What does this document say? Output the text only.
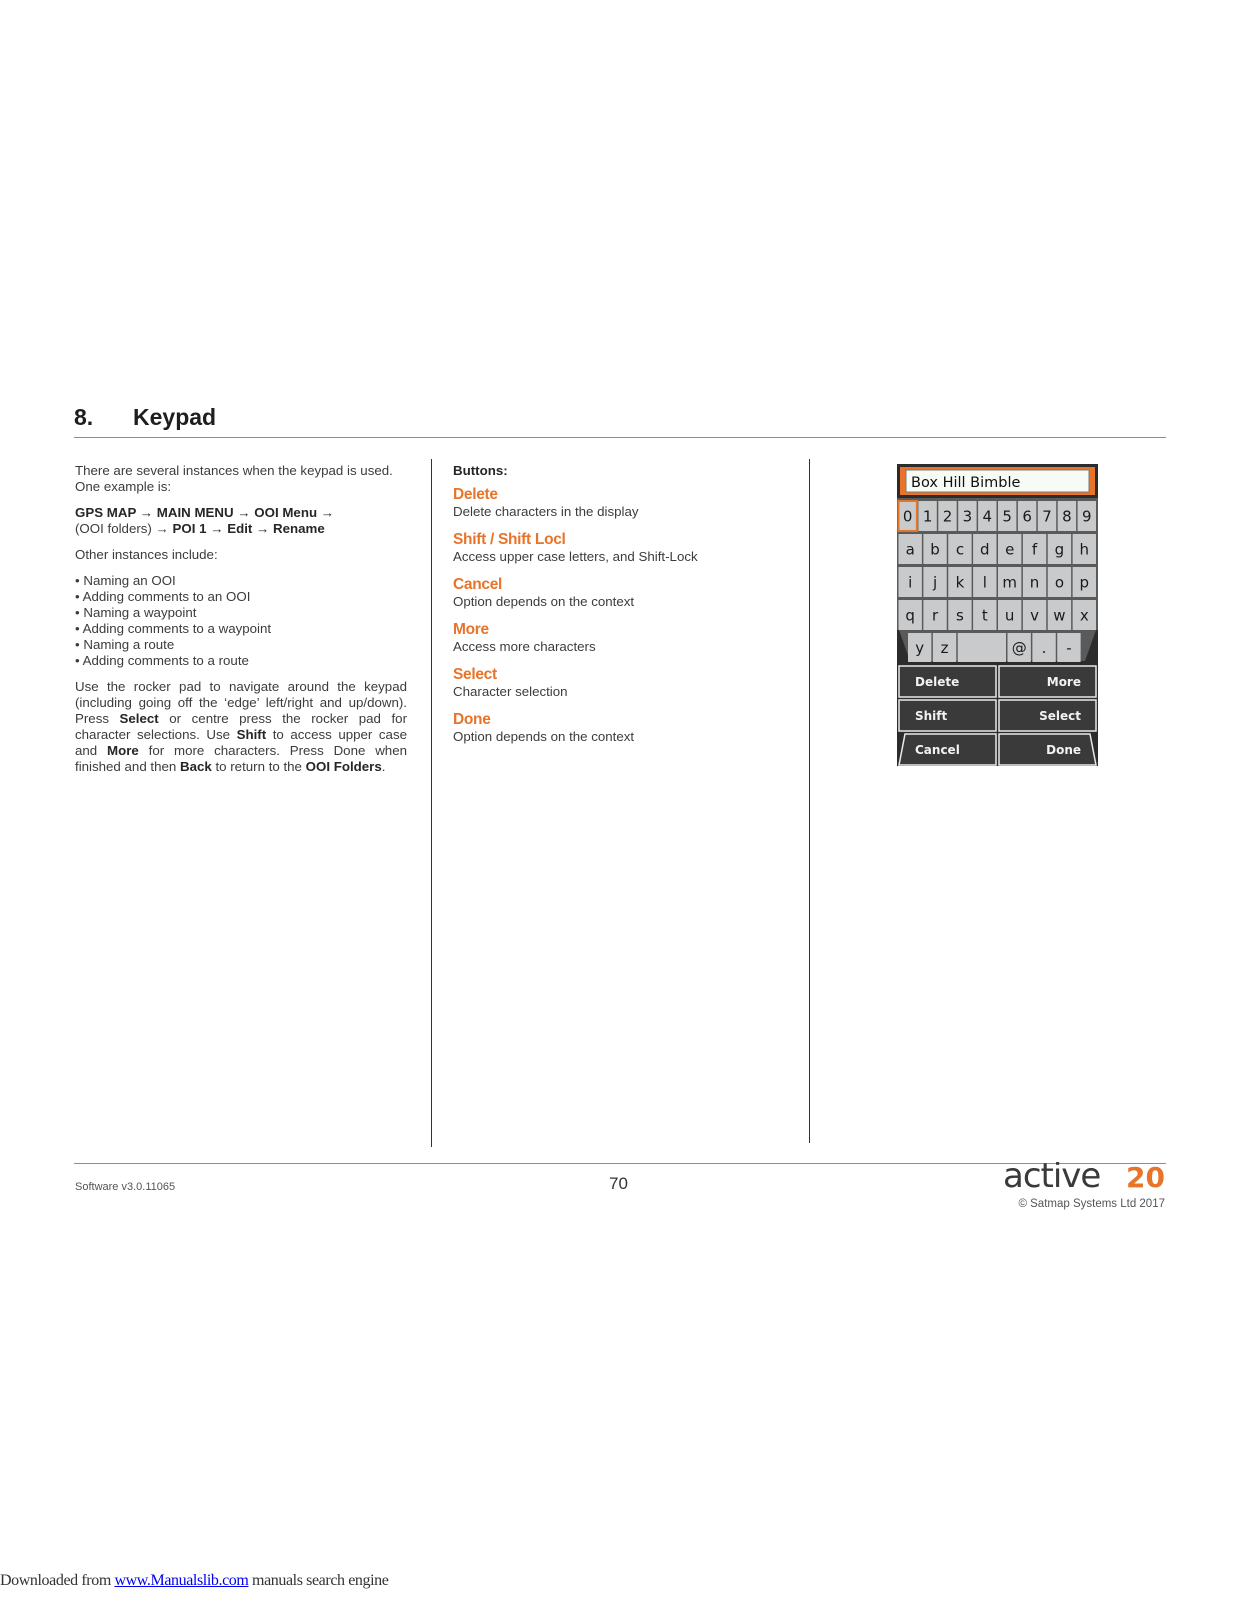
8. Keypad

There are several instances when the keypad is used. One example is:

GPS MAP → MAIN MENU → OOI Menu →
(OOI folders) → POI 1 → Edit → Rename

Other instances include:

• Naming an OOI
• Adding comments to an OOI
• Naming a waypoint
• Adding comments to a waypoint
• Naming a route
• Adding comments to a route

Use the rocker pad to navigate around the keypad (including going off the ‘edge’ left/right and up/down). Press Select or centre press the rocker pad for character selections. Use Shift to access upper case and More for more characters. Press Done when finished and then Back to return to the OOI Folders.

Buttons:
Delete
Delete characters in the display
Shift / Shift Locl
Access upper case letters, and Shift-Lock
Cancel
Option depends on the context
More
Access more characters
Select
Character selection
Done
Option depends on the context
Box Hill Bimble
0 1 2 3 4 5 6 7 8 9
a b c d e f g h
i j k l m n o p
q r s t u v w x
y z	@ . -
Delete	More
Shift	Select
Cancel	Done
Software v3.0.11065	70	active 20
© Satmap Systems Ltd 2017
Downloaded from www.Manualslib.com manuals search engine
